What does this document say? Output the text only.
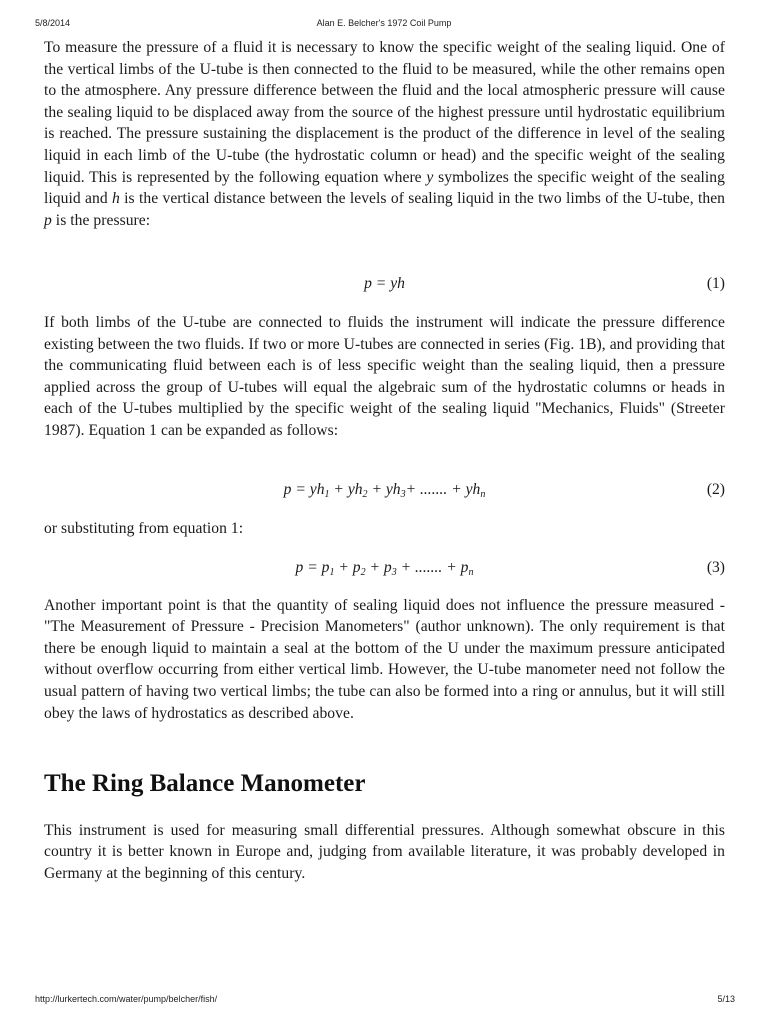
5/8/2014	Alan E. Belcher's 1972 Coil Pump

To measure the pressure of a fluid it is necessary to know the specific weight of the sealing liquid. One of the vertical limbs of the U-tube is then connected to the fluid to be measured, while the other remains open to the atmosphere. Any pressure difference between the fluid and the local atmospheric pressure will cause the sealing liquid to be displaced away from the source of the highest pressure until hydrostatic equilibrium is reached. The pressure sustaining the displacement is the product of the difference in level of the sealing liquid in each limb of the U-tube (the hydrostatic column or head) and the specific weight of the sealing liquid. This is represented by the following equation where y symbolizes the specific weight of the sealing liquid and h is the vertical distance between the levels of sealing liquid in the two limbs of the U-tube, then p is the pressure:

p = yh	(1)

If both limbs of the U-tube are connected to fluids the instrument will indicate the pressure difference existing between the two fluids. If two or more U-tubes are connected in series (Fig. 1B), and providing that the communicating fluid between each is of less specific weight than the sealing liquid, then a pressure applied across the group of U-tubes will equal the algebraic sum of the hydrostatic columns or heads in each of the U-tubes multiplied by the specific weight of the sealing liquid "Mechanics, Fluids" (Streeter 1987). Equation 1 can be expanded as follows:

$p = yh_1 + yh_2 + yh_3+$ ....... + $yh_n$	(2)

or substituting from equation 1:

$p = p_1 + p_2 + p_3$ + ....... + $p_n$	(3)

Another important point is that the quantity of sealing liquid does not influence the pressure measured - "The Measurement of Pressure - Precision Manometers" (author unknown). The only requirement is that there be enough liquid to maintain a seal at the bottom of the U under the maximum pressure anticipated without overflow occurring from either vertical limb. However, the U-tube manometer need not follow the usual pattern of having two vertical limbs; the tube can also be formed into a ring or annulus, but it will still obey the laws of hydrostatics as described above.

The Ring Balance Manometer

This instrument is used for measuring small differential pressures. Although somewhat obscure in this country it is better known in Europe and, judging from available literature, it was probably developed in Germany at the beginning of this century.

http://lurkertech.com/water/pump/belcher/fish/	5/13
